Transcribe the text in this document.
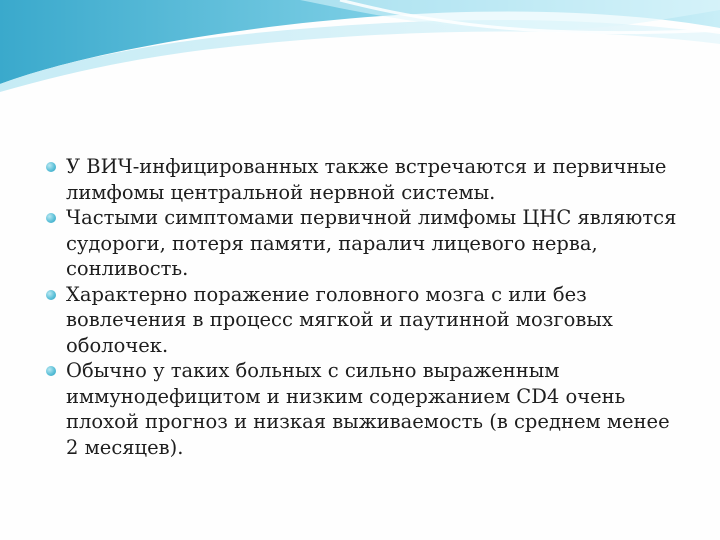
У ВИЧ-инфицированных также встречаются и первичные лимфомы центральной нервной системы.
Частыми симптомами первичной лимфомы ЦНС являются судороги, потеря памяти, паралич лицевого нерва, сонливость.
Характерно поражение головного мозга с или без вовлечения в процесс мягкой и паутинной мозговых оболочек.
Обычно у таких больных с сильно выраженным иммунодефицитом и низким содержанием CD4 очень плохой прогноз и низкая выживаемость (в среднем менее 2 месяцев).
